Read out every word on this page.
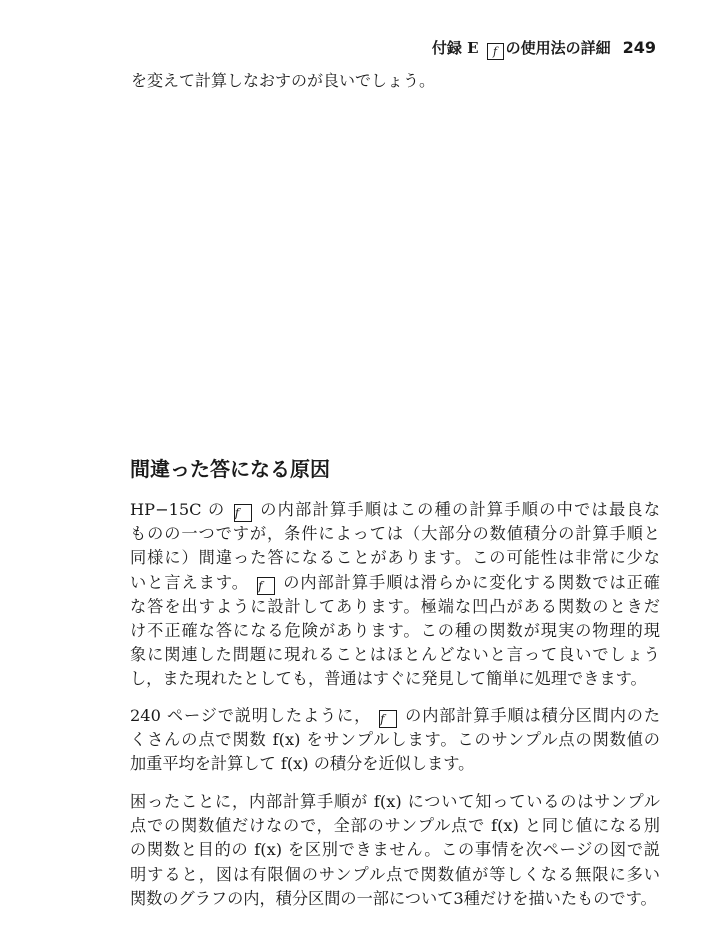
付録 E f の使用法の詳細 249
を変えて計算しなおすのが良いでしょう。
間違った答になる原因
HP−15C の f の内部計算手順はこの種の計算手順の中では最良な
ものの一つですが，条件によっては（大部分の数値積分の計算手順と
同様に）間違った答になることがあります。この可能性は非常に少な
いと言えます。 f の内部計算手順は滑らかに変化する関数では正確
な答を出すように設計してあります。極端な凹凸がある関数のときだ
け不正確な答になる危険があります。この種の関数が現実の物理的現
象に関連した問題に現れることはほとんどないと言って良いでしょう
し，また現れたとしても，普通はすぐに発見して簡単に処理できます。
240 ページで説明したように， f の内部計算手順は積分区間内のた
くさんの点で関数 f(x) をサンプルします。このサンプル点の関数値の
加重平均を計算して f(x) の積分を近似します。
困ったことに，内部計算手順が f(x) について知っているのはサンプル
点での関数値だけなので，全部のサンプル点で f(x) と同じ値になる別
の関数と目的の f(x) を区別できません。この事情を次ページの図で説
明すると，図は有限個のサンプル点で関数値が等しくなる無限に多い
関数のグラフの内，積分区間の一部について3種だけを描いたものです。
